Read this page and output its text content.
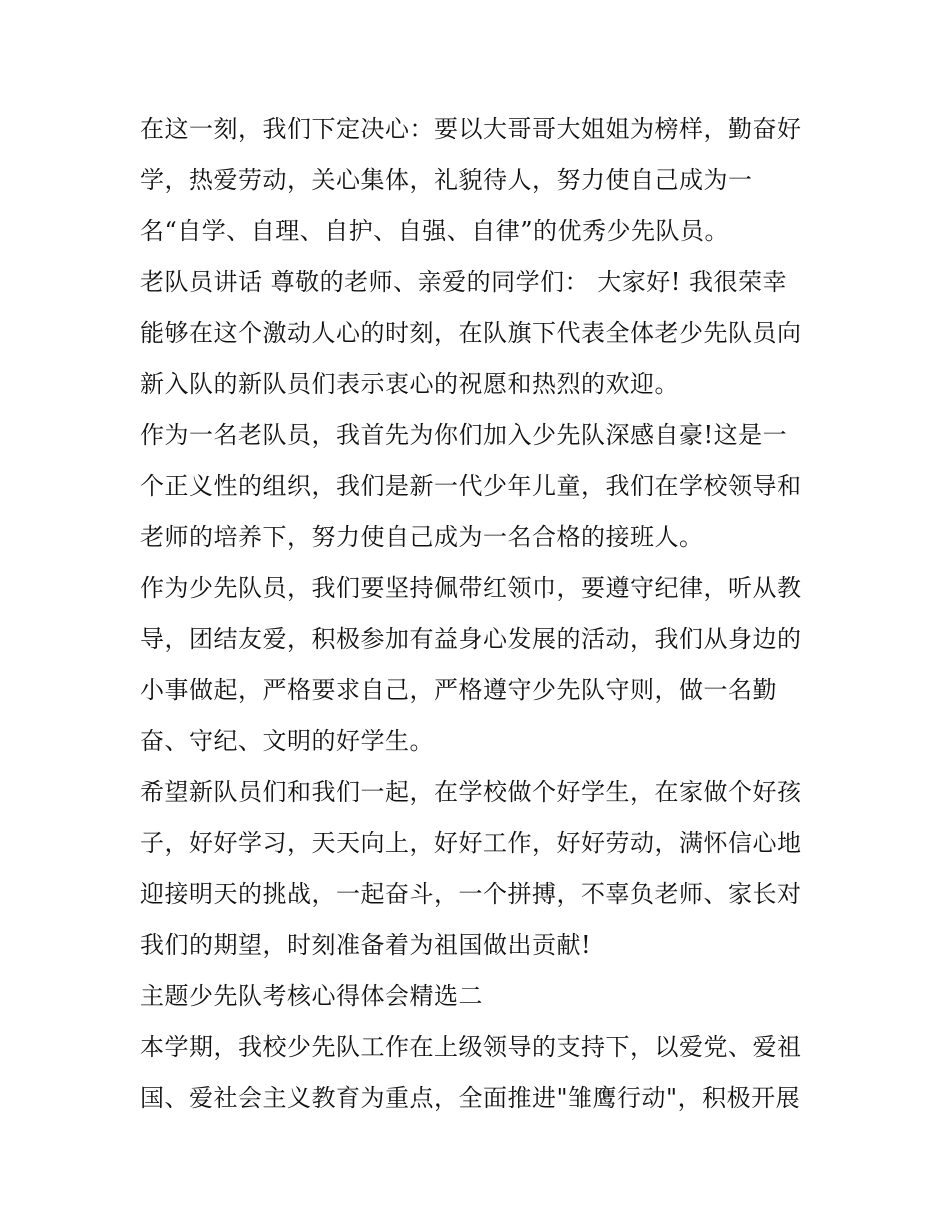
在这一刻，我们下定决心：要以大哥哥大姐姐为榜样，勤奋好
学，热爱劳动，关心集体，礼貌待人，努力使自己成为一
名“自学、自理、自护、自强、自律”的优秀少先队员。
老队员讲话 尊敬的老师、亲爱的同学们： 大家好! 我很荣幸
能够在这个激动人心的时刻，在队旗下代表全体老少先队员向
新入队的新队员们表示衷心的祝愿和热烈的欢迎。
作为一名老队员，我首先为你们加入少先队深感自豪!这是一
个正义性的组织，我们是新一代少年儿童，我们在学校领导和
老师的培养下，努力使自己成为一名合格的接班人。
作为少先队员，我们要坚持佩带红领巾，要遵守纪律，听从教
导，团结友爱，积极参加有益身心发展的活动，我们从身边的
小事做起，严格要求自己，严格遵守少先队守则，做一名勤
奋、守纪、文明的好学生。
希望新队员们和我们一起，在学校做个好学生，在家做个好孩
子，好好学习，天天向上，好好工作，好好劳动，满怀信心地
迎接明天的挑战，一起奋斗，一个拼搏，不辜负老师、家长对
我们的期望，时刻准备着为祖国做出贡献!
主题少先队考核心得体会精选二
本学期，我校少先队工作在上级领导的支持下，以爱党、爱祖
国、爱社会主义教育为重点，全面推进"雏鹰行动"，积极开展
